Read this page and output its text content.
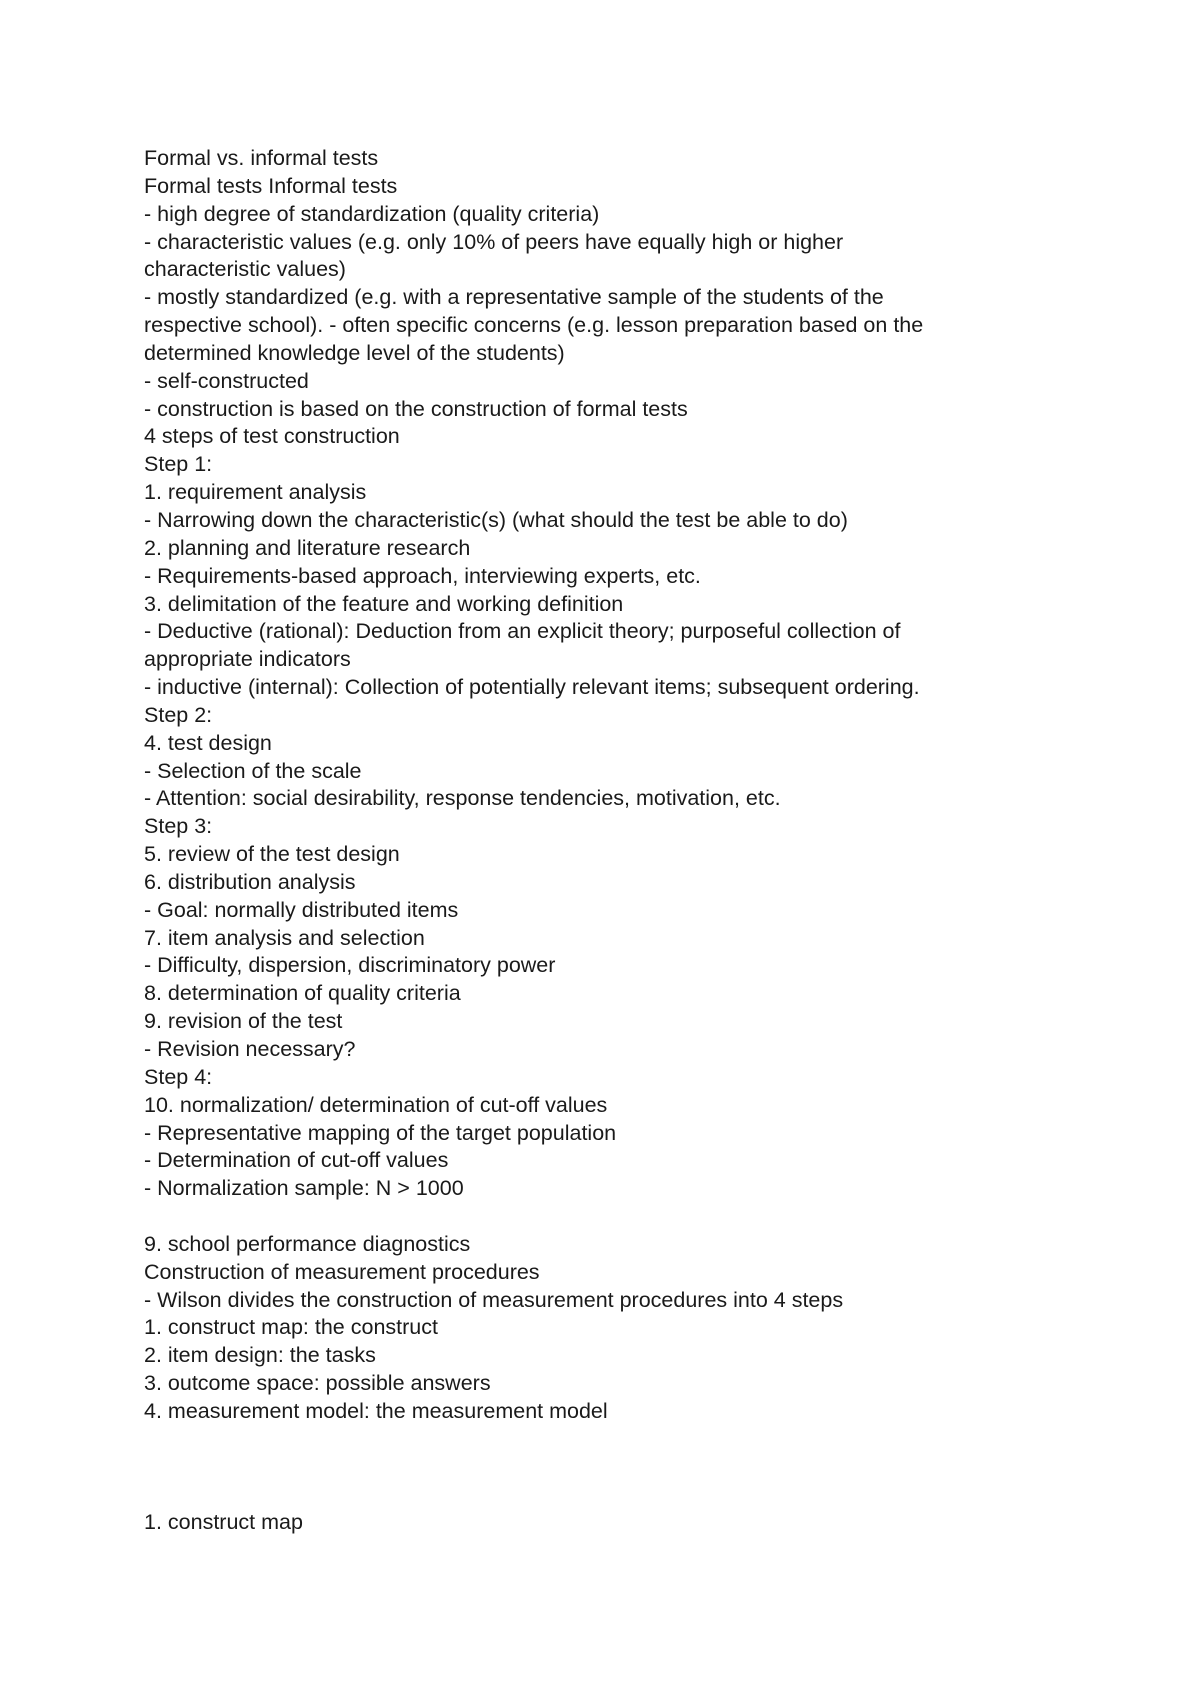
Formal vs. informal tests
Formal tests Informal tests
- high degree of standardization (quality criteria)
- characteristic values (e.g. only 10% of peers have equally high or higher
characteristic values)
- mostly standardized (e.g. with a representative sample of the students of the
respective school). - often specific concerns (e.g. lesson preparation based on the
determined knowledge level of the students)
- self-constructed
- construction is based on the construction of formal tests
4 steps of test construction
Step 1:
1. requirement analysis
- Narrowing down the characteristic(s) (what should the test be able to do)
2. planning and literature research
- Requirements-based approach, interviewing experts, etc.
3. delimitation of the feature and working definition
- Deductive (rational): Deduction from an explicit theory; purposeful collection of
appropriate indicators
- inductive (internal): Collection of potentially relevant items; subsequent ordering.
Step 2:
4. test design
- Selection of the scale
- Attention: social desirability, response tendencies, motivation, etc.
Step 3:
5. review of the test design
6. distribution analysis
- Goal: normally distributed items
7. item analysis and selection
- Difficulty, dispersion, discriminatory power
8. determination of quality criteria
9. revision of the test
- Revision necessary?
Step 4:
10. normalization/ determination of cut-off values
- Representative mapping of the target population
- Determination of cut-off values
- Normalization sample: N > 1000
9. school performance diagnostics
Construction of measurement procedures
- Wilson divides the construction of measurement procedures into 4 steps
1. construct map: the construct
2. item design: the tasks
3. outcome space: possible answers
4. measurement model: the measurement model
1. construct map
